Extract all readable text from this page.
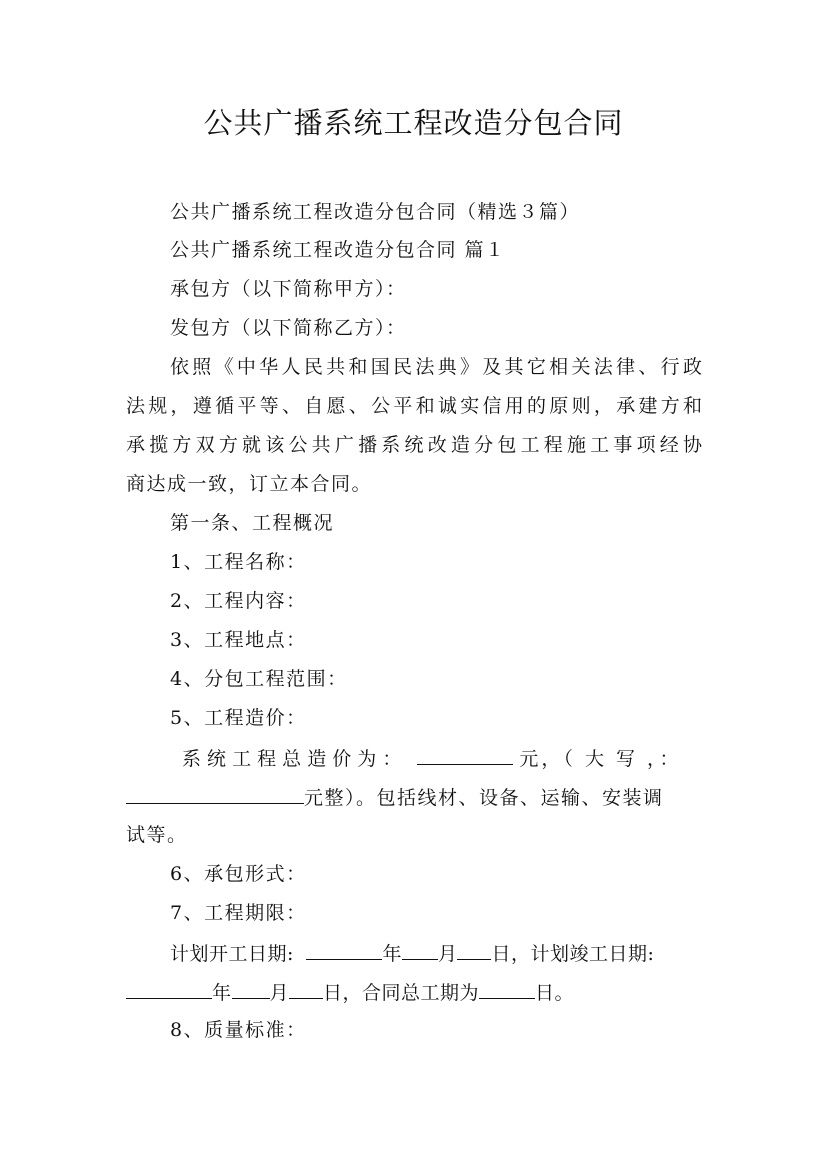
公共广播系统工程改造分包合同
公共广播系统工程改造分包合同（精选３篇）
公共广播系统工程改造分包合同 篇１
承包方（以下简称甲方）：
发包方（以下简称乙方）：
依照《中华人民共和国民法典》及其它相关法律、行政
法规，遵循平等、自愿、公平和诚实信用的原则，承建方和
承揽方双方就该公共广播系统改造分包工程施工事项经协
商达成一致，订立本合同。
第一条、工程概况
1、工程名称：
2、工程内容：
3、工程地点：
4、分包工程范围：
5、工程造价：
系 统 工 程 总 造 价 为 ：	元，（ 大 写 ，：
元整）。包括线材、设备、运输、安装调
试等。
6、承包形式：
7、工程期限：
计划开工日期:	年 月 日，计划竣工日期:
年 月 日，合同总工期为	日。
8、质量标准：
